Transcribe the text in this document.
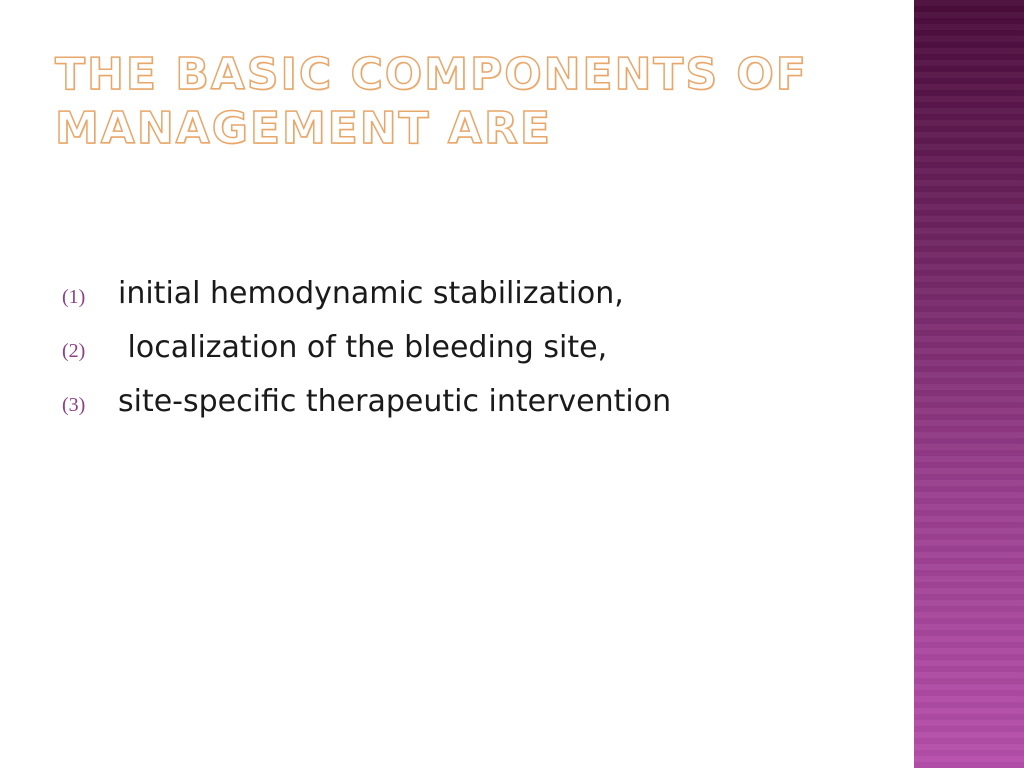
THE BASIC COMPONENTS OF
MANAGEMENT ARE
(1)	initial hemodynamic stabilization,
(2)	localization of the bleeding site,
(3)	site-specific therapeutic intervention
